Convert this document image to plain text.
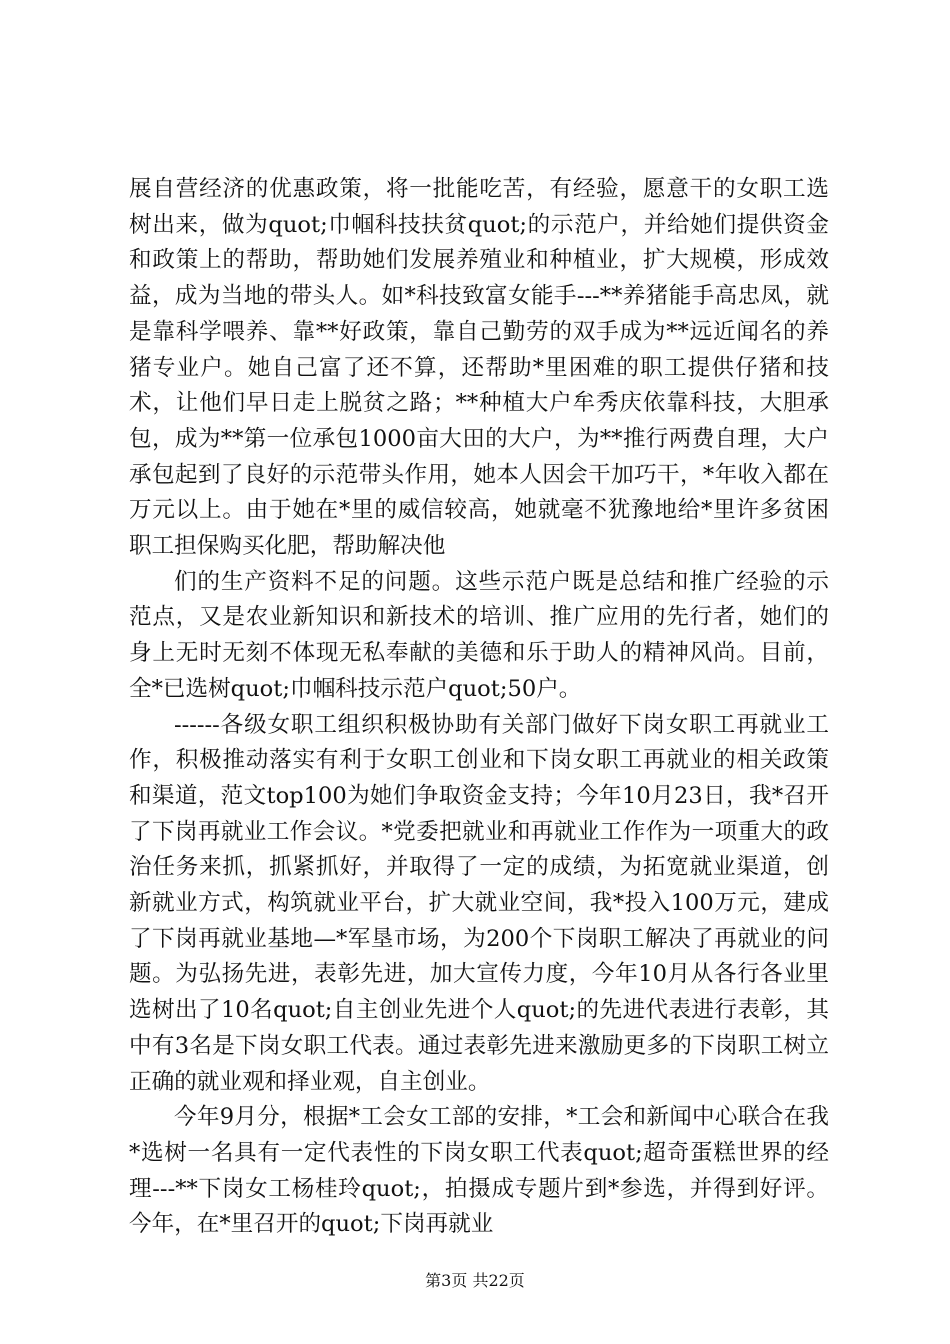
展自营经济的优惠政策，将一批能吃苦，有经验，愿意干的女职工选树出来，做为quot;巾帼科技扶贫quot;的示范户，并给她们提供资金和政策上的帮助，帮助她们发展养殖业和种植业，扩大规模，形成效益，成为当地的带头人。如*科技致富女能手---**养猪能手高忠凤，就是靠科学喂养、靠**好政策，靠自己勤劳的双手成为**远近闻名的养猪专业户。她自己富了还不算，还帮助*里困难的职工提供仔猪和技术，让他们早日走上脱贫之路；**种植大户牟秀庆依靠科技，大胆承包，成为**第一位承包1000亩大田的大户，为**推行两费自理，大户承包起到了良好的示范带头作用，她本人因会干加巧干，*年收入都在万元以上。由于她在*里的威信较高，她就毫不犹豫地给*里许多贫困职工担保购买化肥，帮助解决他

们的生产资料不足的问题。这些示范户既是总结和推广经验的示范点，又是农业新知识和新技术的培训、推广应用的先行者，她们的身上无时无刻不体现无私奉献的美德和乐于助人的精神风尚。目前，全*已选树quot;巾帼科技示范户quot;50户。

------各级女职工组织积极协助有关部门做好下岗女职工再就业工作，积极推动落实有利于女职工创业和下岗女职工再就业的相关政策和渠道，范文top100为她们争取资金支持；今年10月23日，我*召开了下岗再就业工作会议。*党委把就业和再就业工作作为一项重大的政治任务来抓，抓紧抓好，并取得了一定的成绩，为拓宽就业渠道，创新就业方式，构筑就业平台，扩大就业空间，我*投入100万元，建成了下岗再就业基地—*军垦市场，为200个下岗职工解决了再就业的问题。为弘扬先进，表彰先进，加大宣传力度，今年10月从各行各业里选树出了10名quot;自主创业先进个人quot;的先进代表进行表彰，其中有3名是下岗女职工代表。通过表彰先进来激励更多的下岗职工树立正确的就业观和择业观，自主创业。

今年9月分，根据*工会女工部的安排，*工会和新闻中心联合在我*选树一名具有一定代表性的下岗女职工代表quot;超奇蛋糕世界的经理---**下岗女工杨桂玲quot;，拍摄成专题片到*参选，并得到好评。今年，在*里召开的quot;下岗再就业

第3页 共22页
